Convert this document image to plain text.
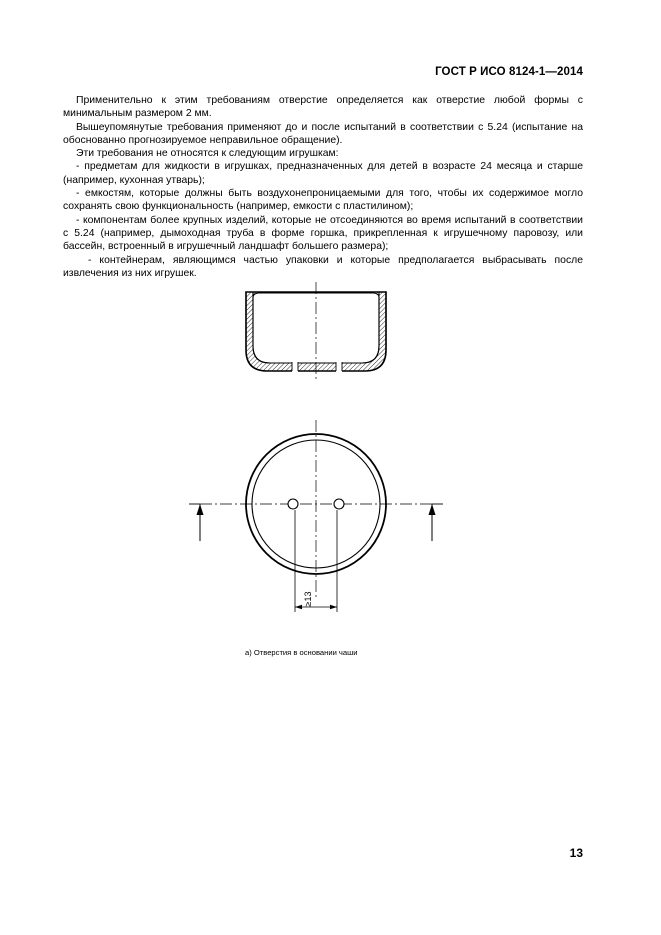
ГОСТ Р ИСО 8124-1—2014

Применительно к этим требованиям отверстие определяется как отверстие любой формы с минимальным размером 2 мм.

Вышеупомянутые требования применяют до и после испытаний в соответствии с 5.24 (испытание на обоснованно прогнозируемое неправильное обращение).

Эти требования не относятся к следующим игрушкам:

- предметам для жидкости в игрушках, предназначенных для детей в возрасте 24 месяца и старше (например, кухонная утварь);

- емкостям, которые должны быть воздухонепроницаемыми для того, чтобы их содержимое могло сохранять свою функциональность (например, емкости с пластилином);

- компонентам более крупных изделий, которые не отсоединяются во время испытаний в соответствии с 5.24 (например, дымоходная труба в форме горшка, прикрепленная к игрушечному паровозу, или бассейн, встроенный в игрушечный ландшафт большего размера);

- контейнерам, являющимся частью упаковки и которые предполагается выбрасывать после извлечения из них игрушек.

≥13
а) Отверстия в основании чаши
13
